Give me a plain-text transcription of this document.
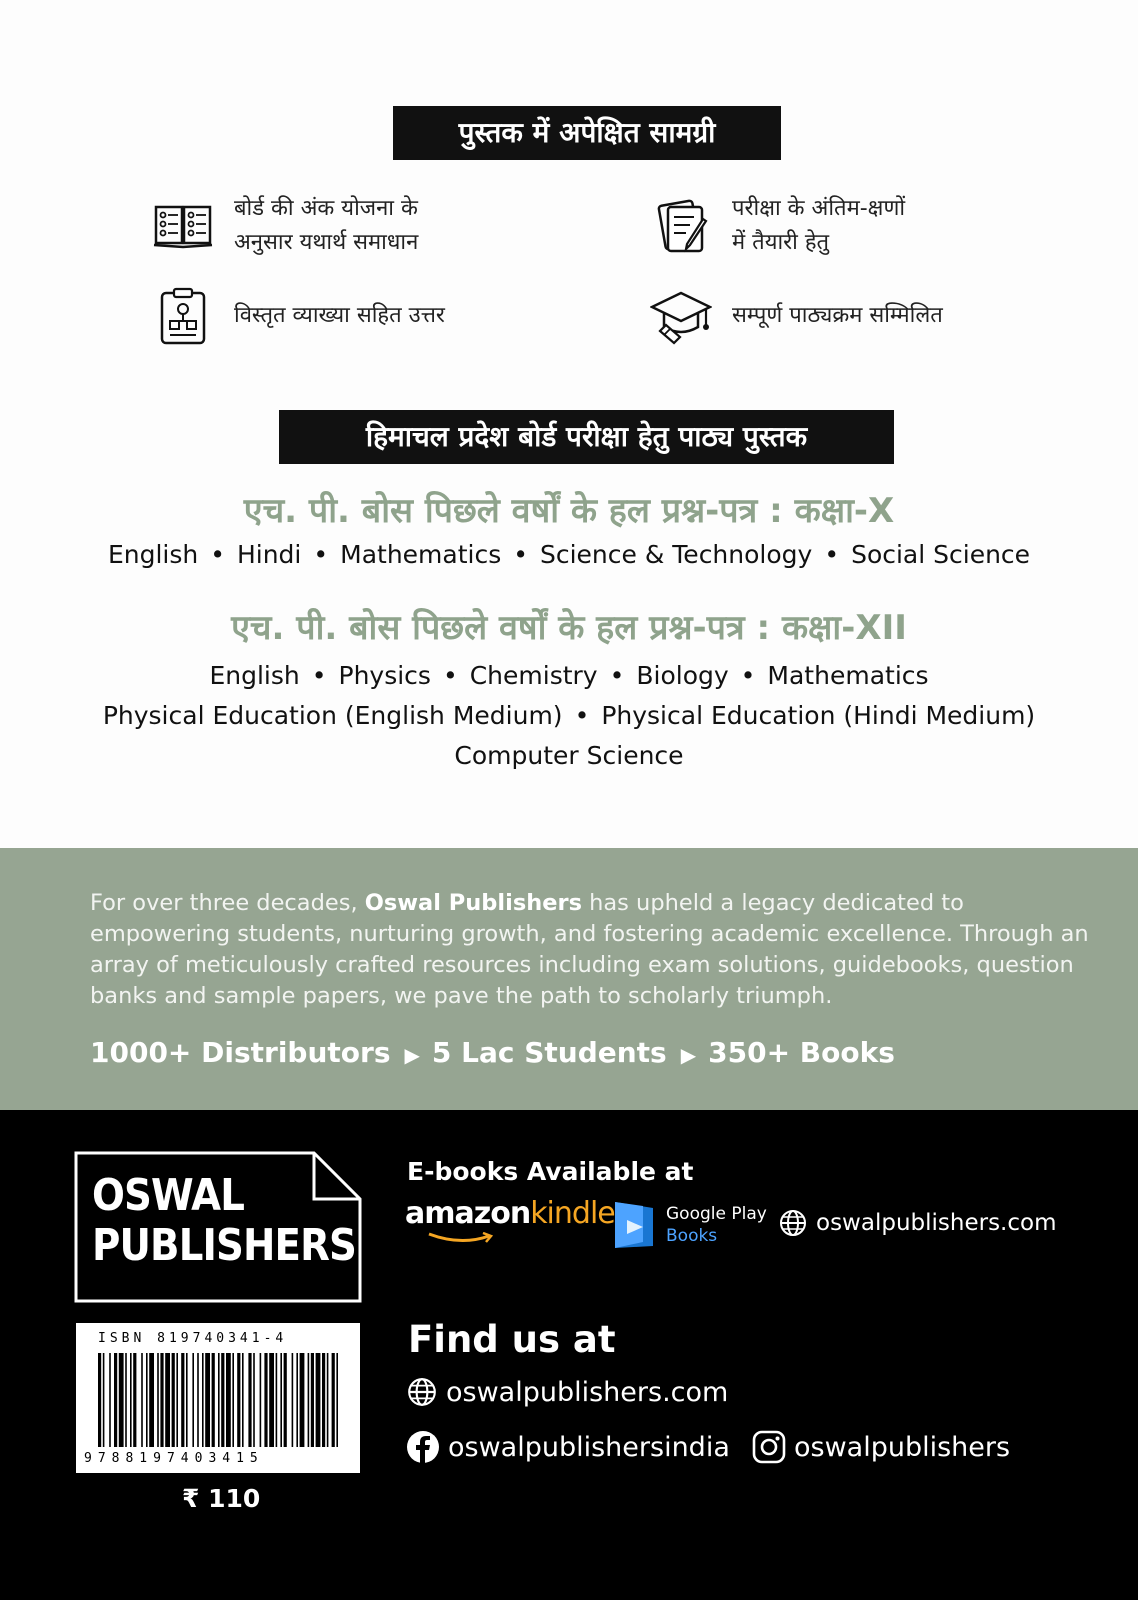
पुस्तक में अपेक्षित सामग्री
बोर्ड की अंक योजना के
अनुसार यथार्थ समाधान
परीक्षा के अंतिम-क्षणों
में तैयारी हेतु
विस्तृत व्याख्या सहित उत्तर	सम्पूर्ण पाठ्यक्रम सम्मिलित
हिमाचल प्रदेश बोर्ड परीक्षा हेतु पाठ्य पुस्तक
एच. पी. बोस पिछले वर्षों के हल प्रश्न-पत्र : कक्षा-X
English • Hindi • Mathematics • Science & Technology • Social Science
एच. पी. बोस पिछले वर्षों के हल प्रश्न-पत्र : कक्षा-XII
English • Physics • Chemistry • Biology • Mathematics
Physical Education (English Medium) • Physical Education (Hindi Medium)
Computer Science
For over three decades, Oswal Publishers has upheld a legacy dedicated to empowering students, nurturing growth, and fostering academic excellence. Through an array of meticulously crafted resources including exam solutions, guidebooks, question banks and sample papers, we pave the path to scholarly triumph.
1000+ Distributors ▶ 5 Lac Students ▶ 350+ Books
OSWAL
PUBLISHERS
ISBN 819740341-4
9788197403415
₹ 110
E-books Available at
amazonkindle	Google Play
Books	oswalpublishers.com
Find us at
oswalpublishers.com
oswalpublishersindia oswalpublishers
